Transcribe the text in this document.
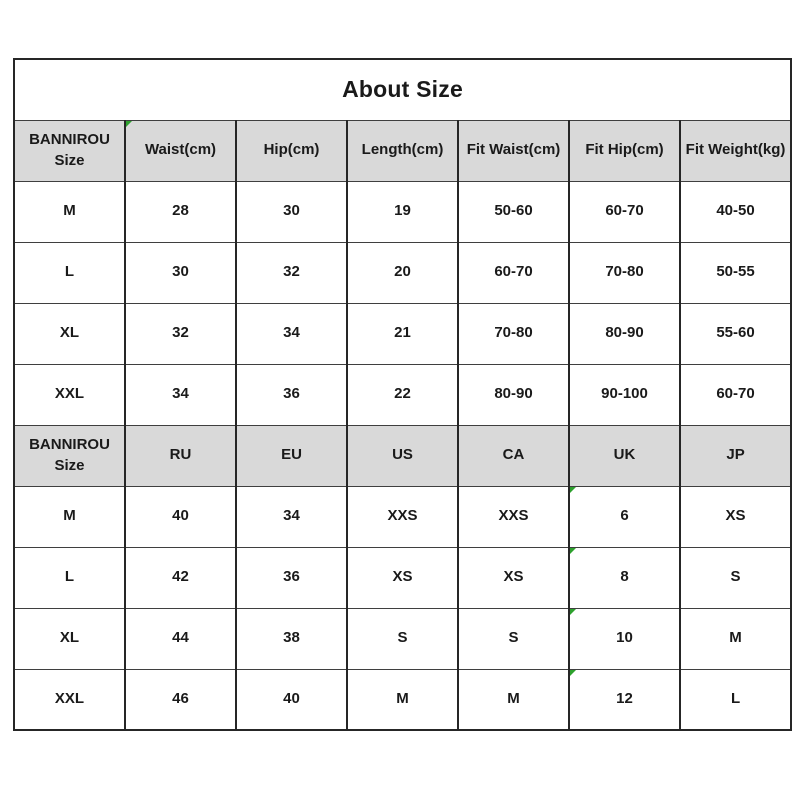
About Size						
BANNIROU
Size	Waist(cm)	Hip(cm)	Length(cm)	Fit Waist(cm)	Fit Hip(cm)	Fit Weight(kg)
M	28	30	19	50-60	60-70	40-50
L	30	32	20	60-70	70-80	50-55
XL	32	34	21	70-80	80-90	55-60
XXL	34	36	22	80-90	90-100	60-70
BANNIROU
Size	RU	EU	US	CA	UK	JP
M	40	34	XXS	XXS	6	XS
L	42	36	XS	XS	8	S
XL	44	38	S	S	10	M
XXL	46	40	M	M	12	L
